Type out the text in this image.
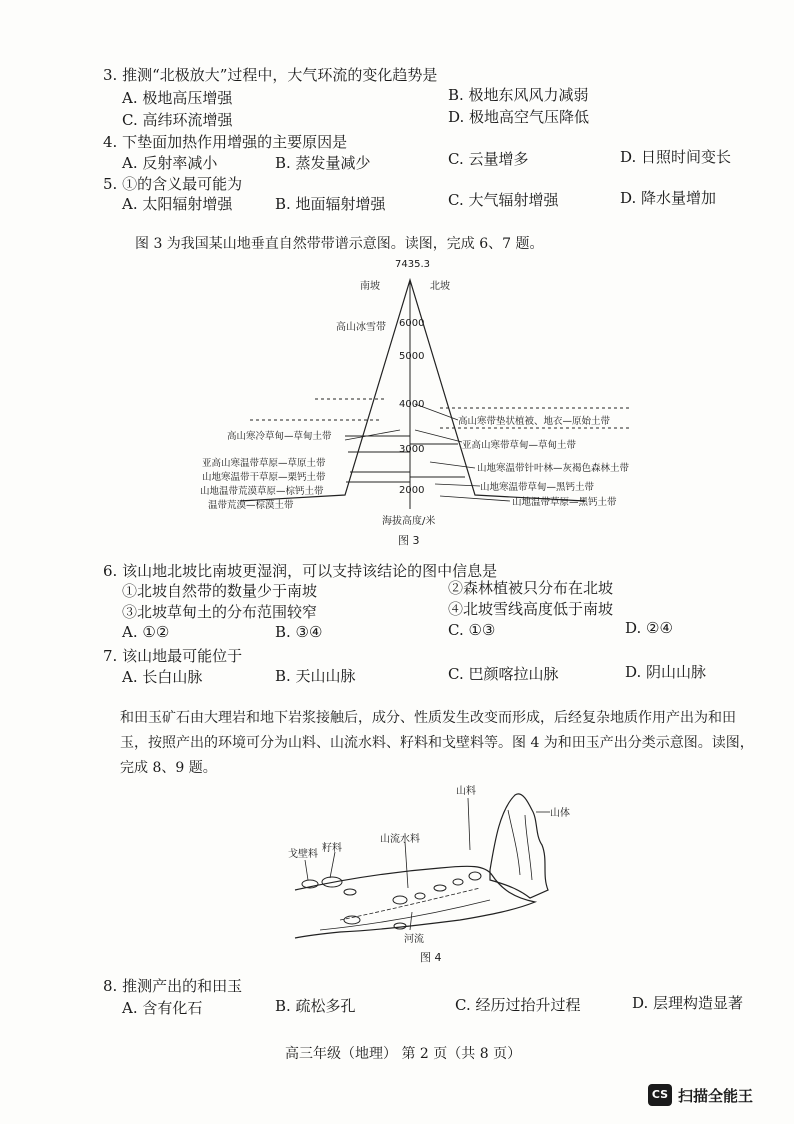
3. 推测“北极放大”过程中，大气环流的变化趋势是
A. 极地高压增强	B. 极地东风风力减弱
C. 高纬环流增强	D. 极地高空气压降低
4. 下垫面加热作用增强的主要原因是
A. 反射率减小	B. 蒸发量减少	C. 云量增多	D. 日照时间变长
5. ①的含义最可能为
A. 太阳辐射增强	B. 地面辐射增强	C. 大气辐射增强	D. 降水量增加
图 3 为我国某山地垂直自然带带谱示意图。读图，完成 6、7 题。
7435.3
南坡	北坡
6000
5000
4000
3000
2000
高山冰雪带
高山寒冷草甸—草甸土带
亚高山寒温带草原—草原土带
山地寒温带干草原—栗钙土带
山地温带荒漠草原—棕钙土带
温带荒漠—棕漠土带
高山寒带垫状植被、地衣—原始土带
亚高山寒带草甸—草甸土带
山地寒温带针叶林—灰褐色森林土带
山地寒温带草甸—黑钙土带
山地温带草原—黑钙土带
海拔高度/米
图 3
6. 该山地北坡比南坡更湿润，可以支持该结论的图中信息是
①北坡自然带的数量少于南坡	②森林植被只分布在北坡
③北坡草甸土的分布范围较窄	④北坡雪线高度低于南坡
A. ①②	B. ③④	C. ①③	D. ②④
7. 该山地最可能位于
A. 长白山脉	B. 天山山脉	C. 巴颜喀拉山脉	D. 阴山山脉
和田玉矿石由大理岩和地下岩浆接触后，成分、性质发生改变而形成，后经复杂地质作用产出为和田玉，按照产出的环境可分为山料、山流水料、籽料和戈壁料等。图 4 为和田玉产出分类示意图。读图，完成 8、9 题。
山料
山体
山流水料
籽料
戈壁料
河流
图 4
8. 推测产出的和田玉
A. 含有化石	B. 疏松多孔	C. 经历过抬升过程	D. 层理构造显著
高三年级（地理） 第 2 页（共 8 页）
CS 扫描全能王
